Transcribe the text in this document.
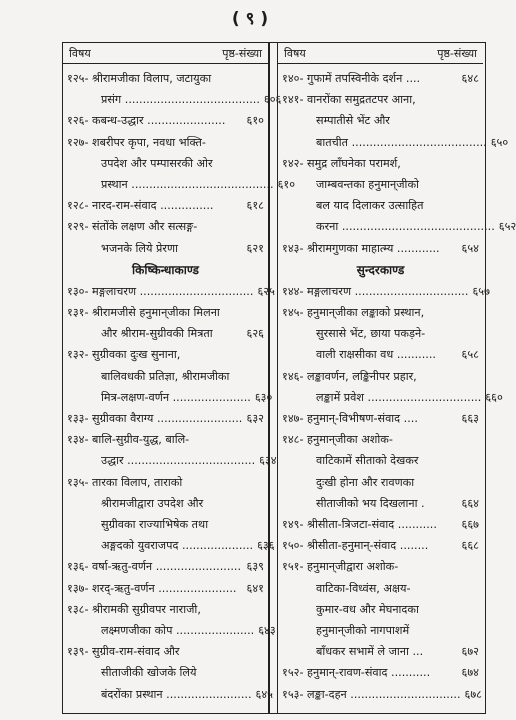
( ९ )
विषय	पृष्ठ-संख्या
१२५- श्रीरामजीका विलाप, जटायुका
प्रसंग ...................................... ६०६
१२६- कबन्ध-उद्धार ...................... ६१०
१२७- शबरीपर कृपा, नवधा भक्ति-
उपदेश और पम्पासरकी ओर
प्रस्थान ........................................ ६१०
१२८- नारद-राम-संवाद ...............	६१८
१२९- संतोंके लक्षण और सत्सङ्ग-
भजनके लिये प्रेरणा	६२१
किष्किन्धाकाण्ड
१३०- मङ्गलाचरण ................................ ६२५
१३१- श्रीरामजीसे हनुमान्‌जीका मिलना
और श्रीराम-सुग्रीवकी मित्रता	६२६
१३२- सुग्रीवका दुःख सुनाना,
बालिवधकी प्रतिज्ञा, श्रीरामजीका
मित्र-लक्षण-वर्णन ...................... ६३०
१३३- सुग्रीवका वैराग्य ........................ ६३२
१३४- बालि-सुग्रीव-युद्ध, बालि-
उद्धार .................................... ६३४
१३५- तारका विलाप, ताराको
श्रीरामजीद्वारा उपदेश और
सुग्रीवका राज्याभिषेक तथा
अङ्गदको युवराजपद .................... ६३६
१३६- वर्षा-ऋतु-वर्णन ........................ ६३९
१३७- शरद्-ऋतु-वर्णन ...................... ६४१
१३८- श्रीरामकी सुग्रीवपर नाराजी,
लक्ष्मणजीका कोप ...................... ६४३
१३९- सुग्रीव-राम-संवाद और
सीताजीकी खोजके लिये
बंदरोंका प्रस्थान ........................ ६४५
विषय	पृष्ठ-संख्या
१४०- गुफामें तपस्विनीके दर्शन ....	६४८
१४१- वानरोंका समुद्रतटपर आना,
सम्पातीसे भेंट और
बातचीत ...................................... ६५०
१४२- समुद्र लाँघनेका परामर्श,
जाम्बवन्तका हनुमान्‌जीको
बल याद दिलाकर उत्साहित
करना ........................................... ६५२
१४३- श्रीरामगुणका माहात्म्य ............ ६५४
सुन्दरकाण्ड
१४४- मङ्गलाचरण ................................ ६५७
१४५- हनुमान्‌जीका लङ्काको प्रस्थान,
सुरसासे भेंट, छाया पकड़ने-
वाली राक्षसीका वध ........... ६५८
१४६- लङ्कावर्णन, लङ्किनीपर प्रहार,
लङ्कामें प्रवेश ................................ ६६०
१४७- हनुमान्-विभीषण-संवाद ....	६६३
१४८- हनुमान्‌जीका अशोक-
वाटिकामें सीताको देखकर
दुःखी होना और रावणका
सीताजीको भय दिखलाना .	६६४
१४९- श्रीसीता-त्रिजटा-संवाद ........... ६६७
१५०- श्रीसीता-हनुमान्-संवाद ........	६६८
१५१- हनुमान्‌जीद्वारा अशोक-
वाटिका-विध्वंस, अक्षय-
कुमार-वध और मेघनादका
हनुमान्‌जीको नागपाशमें
बाँधकर सभामें ले जाना ...	६७२
१५२- हनुमान्-रावण-संवाद ...........	६७४
१५३- लङ्का-दहन ............................... ६७८
